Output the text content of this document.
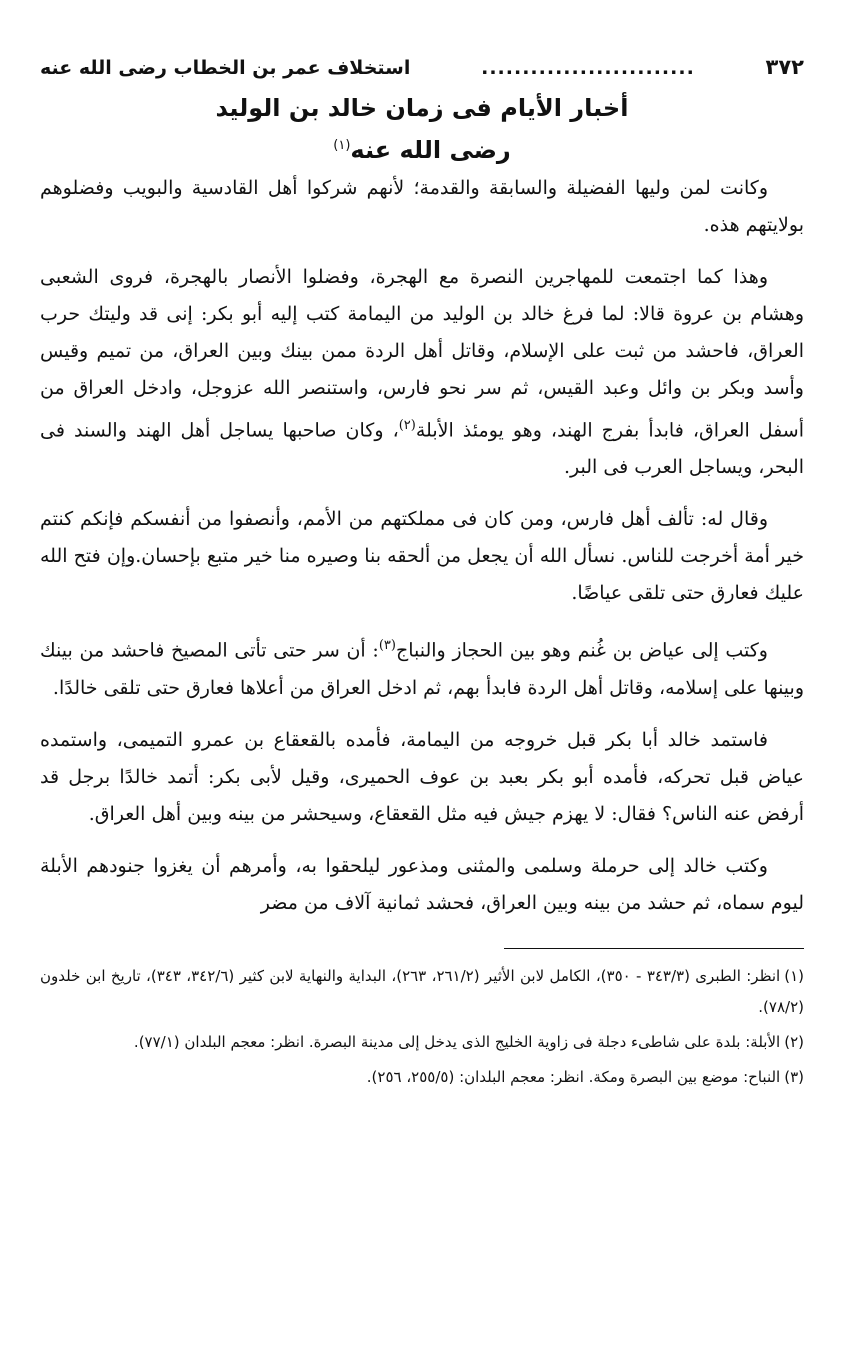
٣٧٢
..........................
استخلاف عمر بن الخطاب رضى الله عنه
أخبار الأيام فى زمان خالد بن الوليد
رضى الله عنه$^{(١)}$

وكانت لمن وليها الفضيلة والسابقة والقدمة؛ لأنهم شركوا أهل القادسية والبويب وفضلوهم بولايتهم هذه.

وهذا كما اجتمعت للمهاجرين النصرة مع الهجرة، وفضلوا الأنصار بالهجرة، فروى الشعبى وهشام بن عروة قالا: لما فرغ خالد بن الوليد من اليمامة كتب إليه أبو بكر: إنى قد وليتك حرب العراق، فاحشد من ثبت على الإسلام، وقاتل أهل الردة ممن بينك وبين العراق، من تميم وقيس وأسد وبكر بن وائل وعبد القيس، ثم سر نحو فارس، واستنصر الله عزوجل، وادخل العراق من أسفل العراق، فابدأ بفرج الهند، وهو يومئذ الأبلة$^{(٢)}$، وكان صاحبها يساجل أهل الهند والسند فى البحر، ويساجل العرب فى البر.

وقال له: تألف أهل فارس، ومن كان فى مملكتهم من الأمم، وأنصفوا من أنفسكم فإنكم كنتم خير أمة أخرجت للناس. نسأل الله أن يجعل من ألحقه بنا وصيره منا خير متبع بإحسان.وإن فتح الله عليك فعارق حتى تلقى عياضًا.

وكتب إلى عياض بن غُنم وهو بين الحجاز والنباج$^{(٣)}$: أن سر حتى تأتى المصيخ فاحشد من بينك وبينها على إسلامه، وقاتل أهل الردة فابدأ بهم، ثم ادخل العراق من أعلاها فعارق حتى تلقى خالدًا.

فاستمد خالد أبا بكر قبل خروجه من اليمامة، فأمده بالقعقاع بن عمرو التميمى، واستمده عياض قبل تحركه، فأمده أبو بكر بعبد بن عوف الحميرى، وقيل لأبى بكر: أتمد خالدًا برجل قد أرفض عنه الناس؟ فقال: لا يهزم جيش فيه مثل القعقاع، وسيحشر من بينه وبين أهل العراق.

وكتب خالد إلى حرملة وسلمى والمثنى ومذعور ليلحقوا به، وأمرهم أن يغزوا جنودهم الأبلة ليوم سماه، ثم حشد من بينه وبين العراق، فحشد ثمانية آلاف من مضر

(١)انظر: الطبرى (٣٤٣/٣ - ٣٥٠)، الكامل لابن الأثير (٢٦١/٢، ٢٦٣)، البداية والنهاية لابن كثير (٣٤٢/٦، ٣٤٣)، تاريخ ابن خلدون (٧٨/٢).

(٢)الأبلة: بلدة على شاطىء دجلة فى زاوية الخليج الذى يدخل إلى مدينة البصرة. انظر: معجم البلدان (٧٧/١).

(٣)النباح: موضع بين البصرة ومكة. انظر: معجم البلدان: (٢٥٥/٥، ٢٥٦).
